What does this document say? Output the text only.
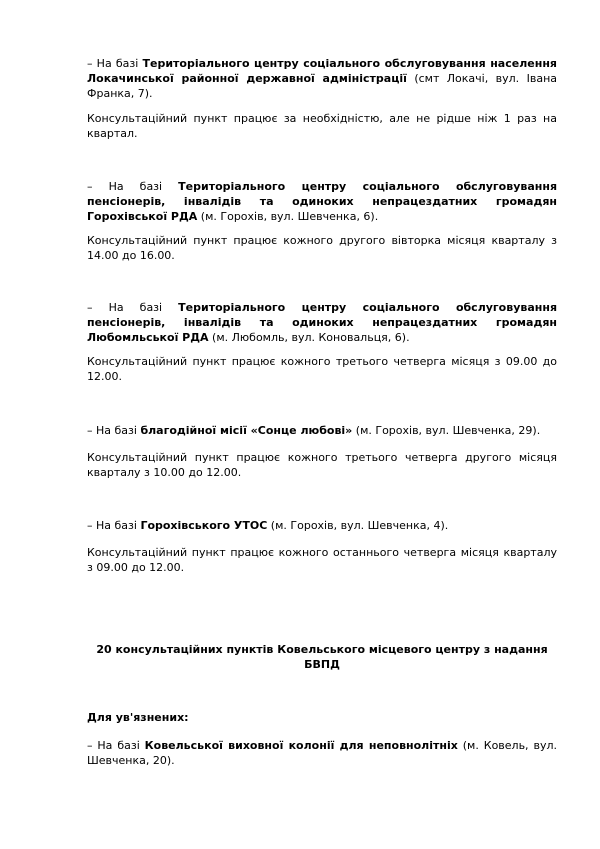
– На базі Територіального центру соціального обслуговування населення Локачинської районної державної адміністрації (смт Локачі, вул. Івана Франка, 7).

Консультаційний пункт працює за необхідністю, але не рідше ніж 1 раз на квартал.

– На базі Територіального центру соціального обслуговування пенсіонерів, інвалідів та одиноких непрацездатних громадян Горохівської РДА (м. Горохів, вул. Шевченка, 6).

Консультаційний пункт працює кожного другого вівторка місяця кварталу з 14.00 до 16.00.

– На базі Територіального центру соціального обслуговування пенсіонерів, інвалідів та одиноких непрацездатних громадян Любомльської РДА (м. Любомль, вул. Коновальця, 6).

Консультаційний пункт працює кожного третього четверга місяця з 09.00 до 12.00.

– На базі благодійної місії «Сонце любові» (м. Горохів, вул. Шевченка, 29).

Консультаційний пункт працює кожного третього четверга другого місяця кварталу з 10.00 до 12.00.

– На базі Горохівського УТОС (м. Горохів, вул. Шевченка, 4).

Консультаційний пункт працює кожного останнього четверга місяця кварталу з 09.00 до 12.00.

20 консультаційних пунктів Ковельського місцевого центру з надання БВПД

Для ув'язнених:

– На базі Ковельської виховної колонії для неповнолітніх (м. Ковель, вул. Шевченка, 20).
